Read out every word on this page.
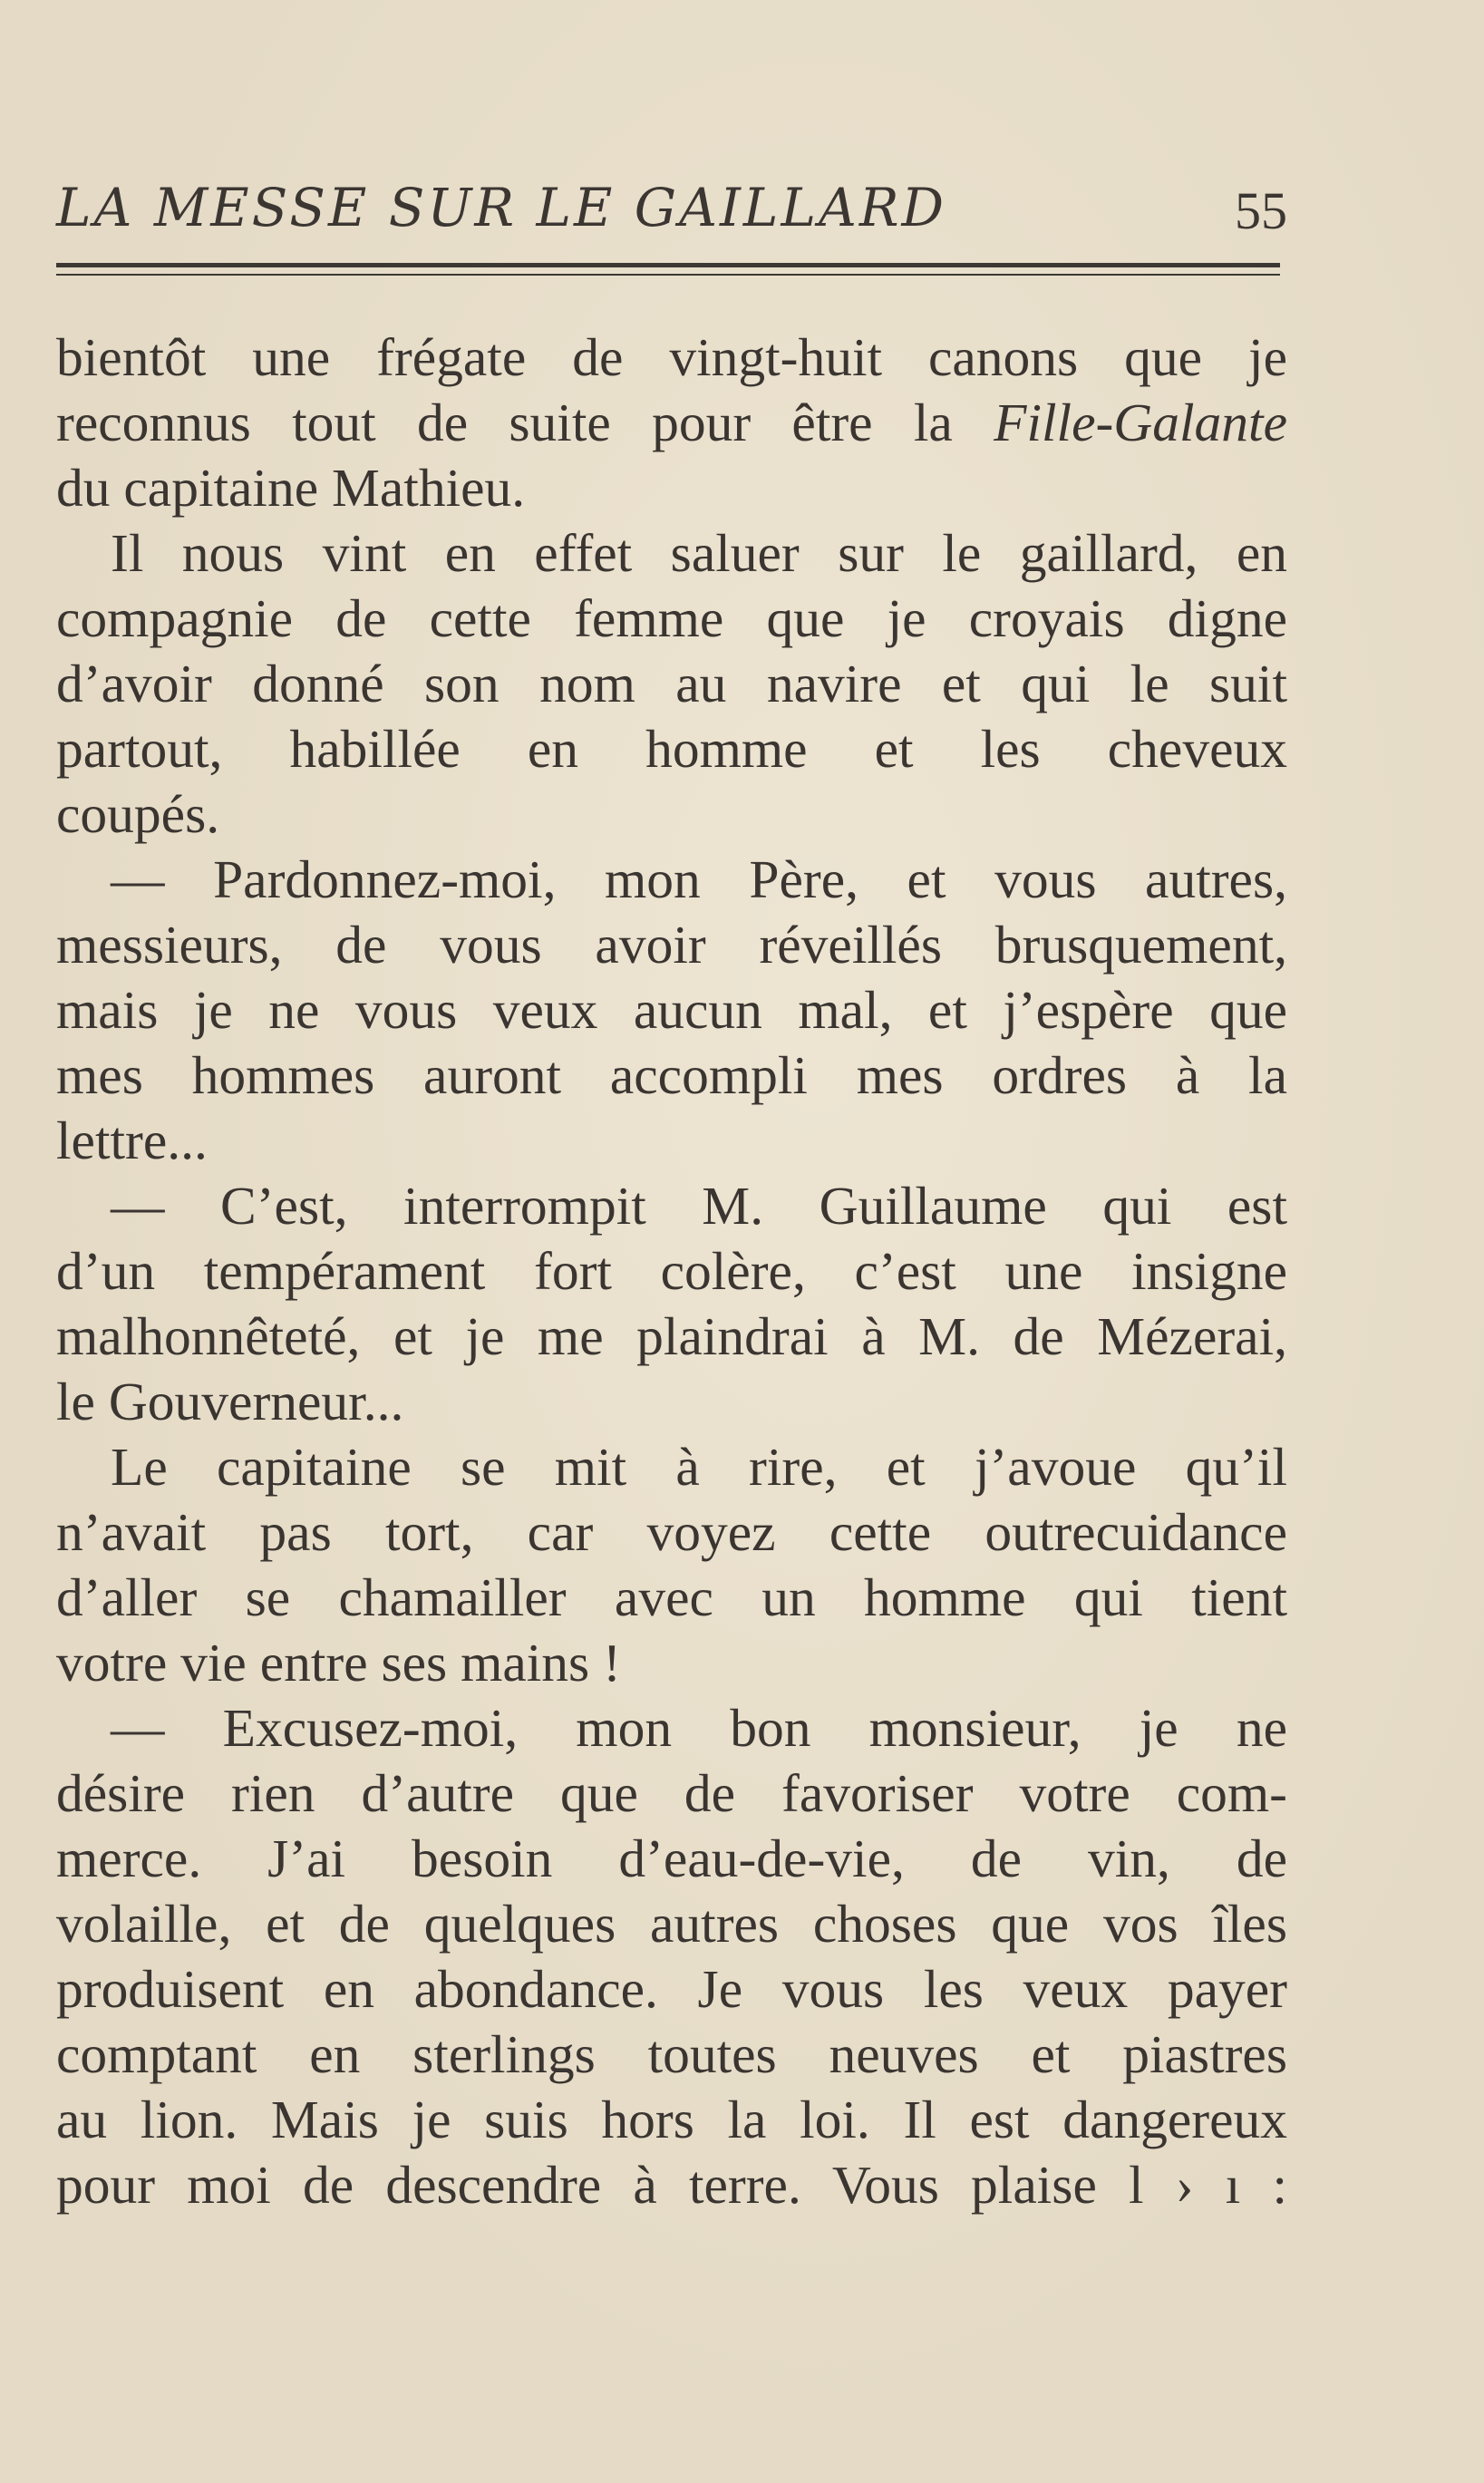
LA MESSE SUR LE GAILLARD	55

bientôt une frégate de vingt-huit canons que je
reconnus tout de suite pour être la Fille-Galante
du capitaine Mathieu.

Il nous vint en effet saluer sur le gaillard, en
compagnie de cette femme que je croyais digne
d’avoir donné son nom au navire et qui le suit
partout, habillée en homme et les cheveux
coupés.

— Pardonnez-moi, mon Père, et vous autres,
messieurs, de vous avoir réveillés brusquement,
mais je ne vous veux aucun mal, et j’espère que
mes hommes auront accompli mes ordres à la
lettre...

— C’est, interrompit M. Guillaume qui est
d’un tempérament fort colère, c’est une insigne
malhonnêteté, et je me plaindrai à M. de Mézerai,
le Gouverneur...

Le capitaine se mit à rire, et j’avoue qu’il
n’avait pas tort, car voyez cette outrecuidance
d’aller se chamailler avec un homme qui tient
votre vie entre ses mains !

— Excusez-moi, mon bon monsieur, je ne
désire rien d’autre que de favoriser votre com-
merce. J’ai besoin d’eau-de-vie, de vin, de
volaille, et de quelques autres choses que vos îles
produisent en abondance. Je vous les veux payer
comptant en sterlings toutes neuves et piastres
au lion. Mais je suis hors la loi. Il est dangereux
pour moi de descendre à terre. Vous plaise l › ı :
